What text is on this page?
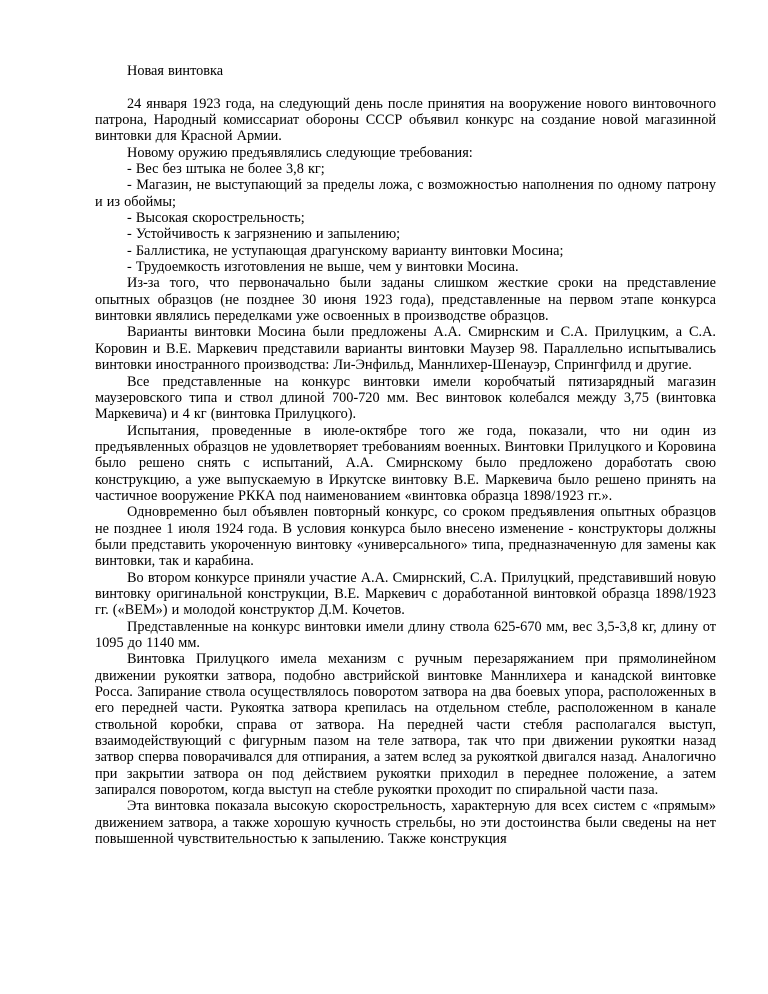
Новая винтовка

24 января 1923 года, на следующий день после принятия на вооружение нового винтовочного патрона, Народный комиссариат обороны СССР объявил конкурс на создание новой магазинной винтовки для Красной Армии.

Новому оружию предъявлялись следующие требования:

- Вес без штыка не более 3,8 кг;

- Магазин, не выступающий за пределы ложа, с возможностью наполнения по одному патрону и из обоймы;

- Высокая скорострельность;

- Устойчивость к загрязнению и запылению;

- Баллистика, не уступающая драгунскому варианту винтовки Мосина;

- Трудоемкость изготовления не выше, чем у винтовки Мосина.

Из-за того, что первоначально были заданы слишком жесткие сроки на представление опытных образцов (не позднее 30 июня 1923 года), представленные на первом этапе конкурса винтовки являлись переделками уже освоенных в производстве образцов.

Варианты винтовки Мосина были предложены А.А. Смирнским и С.А. Прилуцким, а С.А. Коровин и В.Е. Маркевич представили варианты винтовки Маузер 98. Параллельно испытывались винтовки иностранного производства: Ли-Энфильд, Маннлихер-Шенауэр, Спрингфилд и другие.

Все представленные на конкурс винтовки имели коробчатый пятизарядный магазин маузеровского типа и ствол длиной 700-720 мм. Вес винтовок колебался между 3,75 (винтовка Маркевича) и 4 кг (винтовка Прилуцкого).

Испытания, проведенные в июле-октябре того же года, показали, что ни один из предъявленных образцов не удовлетворяет требованиям военных. Винтовки Прилуцкого и Коровина было решено снять с испытаний, А.А. Смирнскому было предложено доработать свою конструкцию, а уже выпускаемую в Иркутске винтовку В.Е. Маркевича было решено принять на частичное вооружение РККА под наименованием «винтовка образца 1898/1923 гг.».

Одновременно был объявлен повторный конкурс, со сроком предъявления опытных образцов не позднее 1 июля 1924 года. В условия конкурса было внесено изменение - конструкторы должны были представить укороченную винтовку «универсального» типа, предназначенную для замены как винтовки, так и карабина.

Во втором конкурсе приняли участие А.А. Смирнский, С.А. Прилуцкий, представивший новую винтовку оригинальной конструкции, В.Е. Маркевич с доработанной винтовкой образца 1898/1923 гг. («ВЕМ») и молодой конструктор Д.М. Кочетов.

Представленные на конкурс винтовки имели длину ствола 625-670 мм, вес 3,5-3,8 кг, длину от 1095 до 1140 мм.

Винтовка Прилуцкого имела механизм с ручным перезаряжанием при прямолинейном движении рукоятки затвора, подобно австрийской винтовке Маннлихера и канадской винтовке Росса. Запирание ствола осуществлялось поворотом затвора на два боевых упора, расположенных в его передней части. Рукоятка затвора крепилась на отдельном стебле, расположенном в канале ствольной коробки, справа от затвора. На передней части стебля располагался выступ, взаимодействующий с фигурным пазом на теле затвора, так что при движении рукоятки назад затвор сперва поворачивался для отпирания, а затем вслед за рукояткой двигался назад. Аналогично при закрытии затвора он под действием рукоятки приходил в переднее положение, а затем запирался поворотом, когда выступ на стебле рукоятки проходит по спиральной части паза.

Эта винтовка показала высокую скорострельность, характерную для всех систем с «прямым» движением затвора, а также хорошую кучность стрельбы, но эти достоинства были сведены на нет повышенной чувствительностью к запылению. Также конструкция
